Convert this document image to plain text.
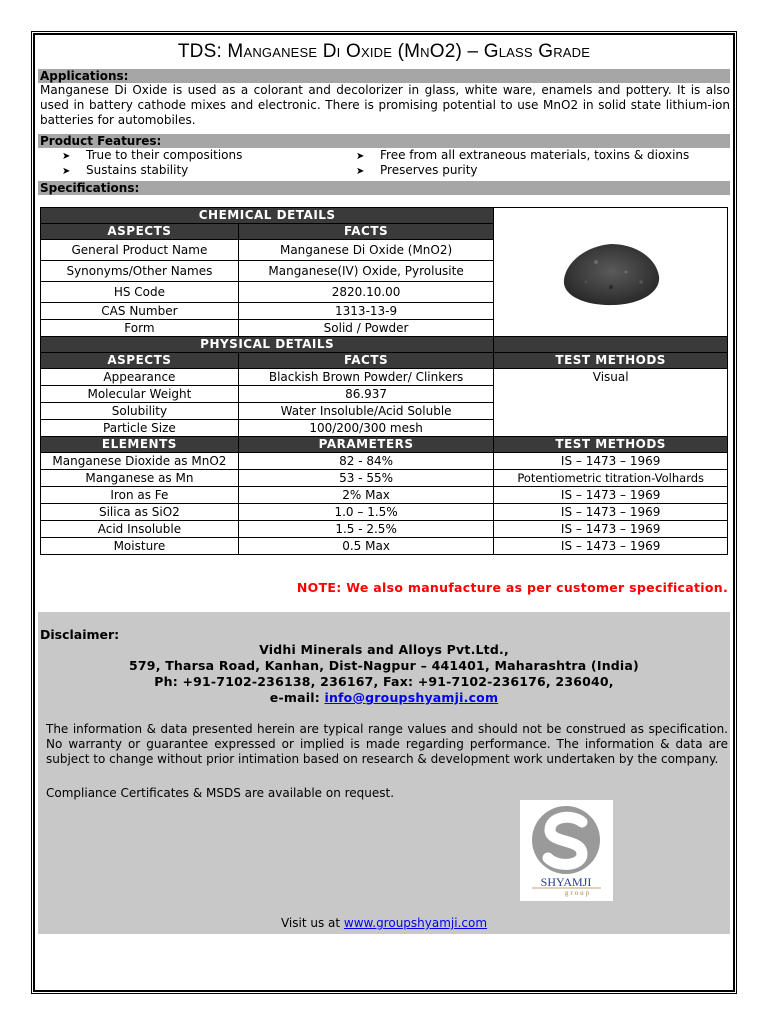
TDS: Manganese Di Oxide (MnO2) – Glass Grade
Applications:
Manganese Di Oxide is used as a colorant and decolorizer in glass, white ware, enamels and pottery. It is also used in battery cathode mixes and electronic. There is promising potential to use MnO2 in solid state lithium-ion batteries for automobiles.
Product Features:
➤ True to their compositions	➤ Free from all extraneous materials, toxins & dioxins
➤ Sustains stability	➤ Preserves purity
Specifications:
CHEMICAL DETAILS	

ASPECTS	FACTS	
General Product Name	Manganese Di Oxide (MnO2)	
Synonyms/Other Names	Manganese(IV) Oxide, Pyrolusite	
HS Code	2820.10.00	
CAS Number	1313-13-9	
Form	Solid / Powder	
PHYSICAL DETAILS		
ASPECTS	FACTS	TEST METHODS
Appearance	Blackish Brown Powder/ Clinkers	Visual
Molecular Weight	86.937	
Solubility	Water Insoluble/Acid Soluble	
Particle Size	100/200/300 mesh	
ELEMENTS	PARAMETERS	TEST METHODS
Manganese Dioxide as MnO2	82 - 84%	IS – 1473 – 1969
Manganese as Mn	53 - 55%	Potentiometric titration-Volhards
Iron as Fe	2% Max	IS – 1473 – 1969
Silica as SiO2	1.0 – 1.5%	IS – 1473 – 1969
Acid Insoluble	1.5 - 2.5%	IS – 1473 – 1969
Moisture	0.5 Max	IS – 1473 – 1969
NOTE: We also manufacture as per customer specification.
Disclaimer:
Vidhi Minerals and Alloys Pvt.Ltd.,
579, Tharsa Road, Kanhan, Dist-Nagpur – 441401, Maharashtra (India)
Ph: +91-7102-236138, 236167, Fax: +91-7102-236176, 236040,
e-mail: info@groupshyamji.com
The information & data presented herein are typical range values and should not be construed as specification. No warranty or guarantee expressed or implied is made regarding performance. The information & data are subject to change without prior intimation based on research & development work undertaken by the company.
Compliance Certificates & MSDS are available on request.
SHYAMJI
group
Visit us at www.groupshyamji.com
